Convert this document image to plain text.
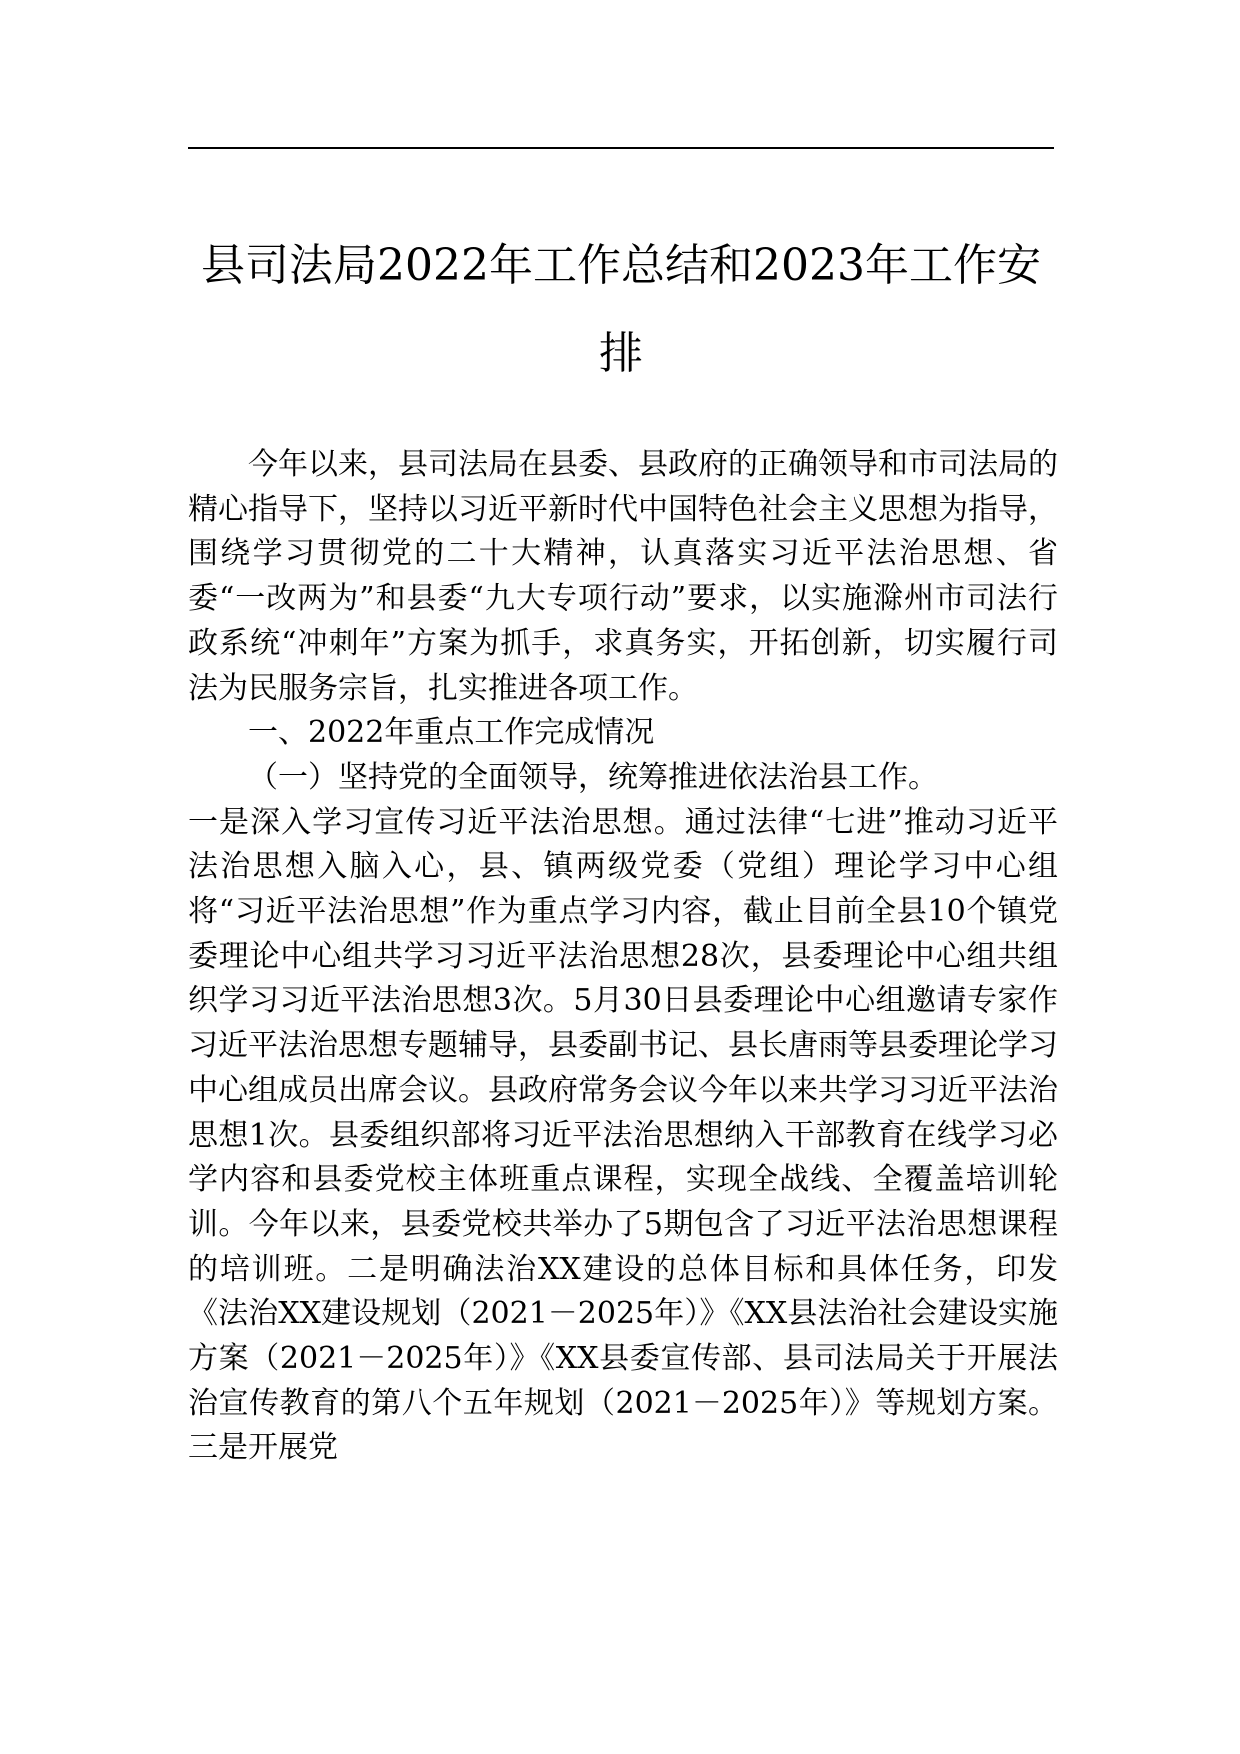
县司法局2022年工作总结和2023年工作安
排

今年以来，县司法局在县委、县政府的正确领导和市司法局的精心指导下，坚持以习近平新时代中国特色社会主义思想为指导，围绕学习贯彻党的二十大精神，认真落实习近平法治思想、省委“一改两为”和县委“九大专项行动”要求，以实施滁州市司法行政系统“冲刺年”方案为抓手，求真务实，开拓创新，切实履行司法为民服务宗旨，扎实推进各项工作。

一、2022年重点工作完成情况

（一）坚持党的全面领导，统筹推进依法治县工作。

一是深入学习宣传习近平法治思想。通过法律“七进”推动习近平法治思想入脑入心，县、镇两级党委（党组）理论学习中心组将“习近平法治思想”作为重点学习内容，截止目前全县10个镇党委理论中心组共学习习近平法治思想28次，县委理论中心组共组织学习习近平法治思想3次。5月30日县委理论中心组邀请专家作习近平法治思想专题辅导，县委副书记、县长唐雨等县委理论学习中心组成员出席会议。县政府常务会议今年以来共学习习近平法治思想1次。县委组织部将习近平法治思想纳入干部教育在线学习必学内容和县委党校主体班重点课程，实现全战线、全覆盖培训轮训。今年以来，县委党校共举办了5期包含了习近平法治思想课程的培训班。二是明确法治XX建设的总体目标和具体任务，印发《法治XX建设规划（2021－2025年）》《XX县法治社会建设实施方案（2021－2025年）》《XX县委宣传部、县司法局关于开展法治宣传教育的第八个五年规划（2021－2025年）》等规划方案。三是开展党
